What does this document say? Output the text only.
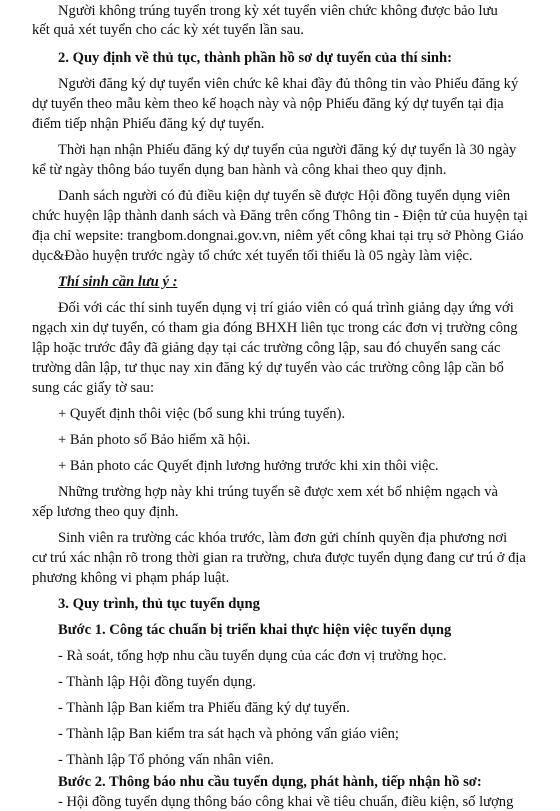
Người không trúng tuyển trong kỳ xét tuyển viên chức không được bảo lưu
kết quả xét tuyển cho các kỳ xét tuyển lần sau.
2. Quy định về thủ tục, thành phần hồ sơ dự tuyển của thí sinh:
Người đăng ký dự tuyển viên chức kê khai đầy đủ thông tin vào Phiếu đăng ký
dự tuyển theo mẫu kèm theo kế hoạch này và nộp Phiếu đăng ký dự tuyển tại địa
điểm tiếp nhận Phiếu đăng ký dự tuyển.
Thời hạn nhận Phiếu đăng ký dự tuyển của người đăng ký dự tuyển là 30 ngày
kể từ ngày thông báo tuyển dụng ban hành và công khai theo quy định.
Danh sách người có đủ điều kiện dự tuyển sẽ được Hội đồng tuyển dụng viên
chức huyện lập thành danh sách và Đăng trên cổng Thông tin - Điện tử của huyện tại
địa chỉ wepsite: trangbom.dongnai.gov.vn, niêm yết công khai tại trụ sở Phòng Giáo
dục&Đào huyện trước ngày tổ chức xét tuyển tối thiểu là 05 ngày làm việc.
Thí sinh cần lưu ý :
Đối với các thí sinh tuyển dụng vị trí giáo viên có quá trình giảng dạy ứng với
ngạch xin dự tuyển, có tham gia đóng BHXH liên tục trong các đơn vị trường công
lập hoặc trước đây đã giảng dạy tại các trường công lập, sau đó chuyển sang các
trường dân lập, tư thục nay xin đăng ký dự tuyển vào các trường công lập cần bổ
sung các giấy tờ sau:
+ Quyết định thôi việc (bổ sung khi trúng tuyển).
+ Bản photo sổ Bảo hiểm xã hội.
+ Bản photo các Quyết định lương hưởng trước khi xin thôi việc.
Những trường hợp này khi trúng tuyển sẽ được xem xét bổ nhiệm ngạch và
xếp lương theo quy định.
Sinh viên ra trường các khóa trước, làm đơn gửi chính quyền địa phương nơi
cư trú xác nhận rõ trong thời gian ra trường, chưa được tuyển dụng đang cư trú ở địa
phương không vi phạm pháp luật.
3. Quy trình, thủ tục tuyển dụng
Bước 1. Công tác chuẩn bị triển khai thực hiện việc tuyển dụng
- Rà soát, tổng hợp nhu cầu tuyển dụng của các đơn vị trường học.
- Thành lập Hội đồng tuyển dụng.
- Thành lập Ban kiểm tra Phiếu đăng ký dự tuyển.
- Thành lập Ban kiểm tra sát hạch và phỏng vấn giáo viên;
- Thành lập Tổ phỏng vấn nhân viên.
Bước 2. Thông báo nhu cầu tuyển dụng, phát hành, tiếp nhận hồ sơ:
- Hội đồng tuyển dụng thông báo công khai về tiêu chuẩn, điều kiện, số lượng
